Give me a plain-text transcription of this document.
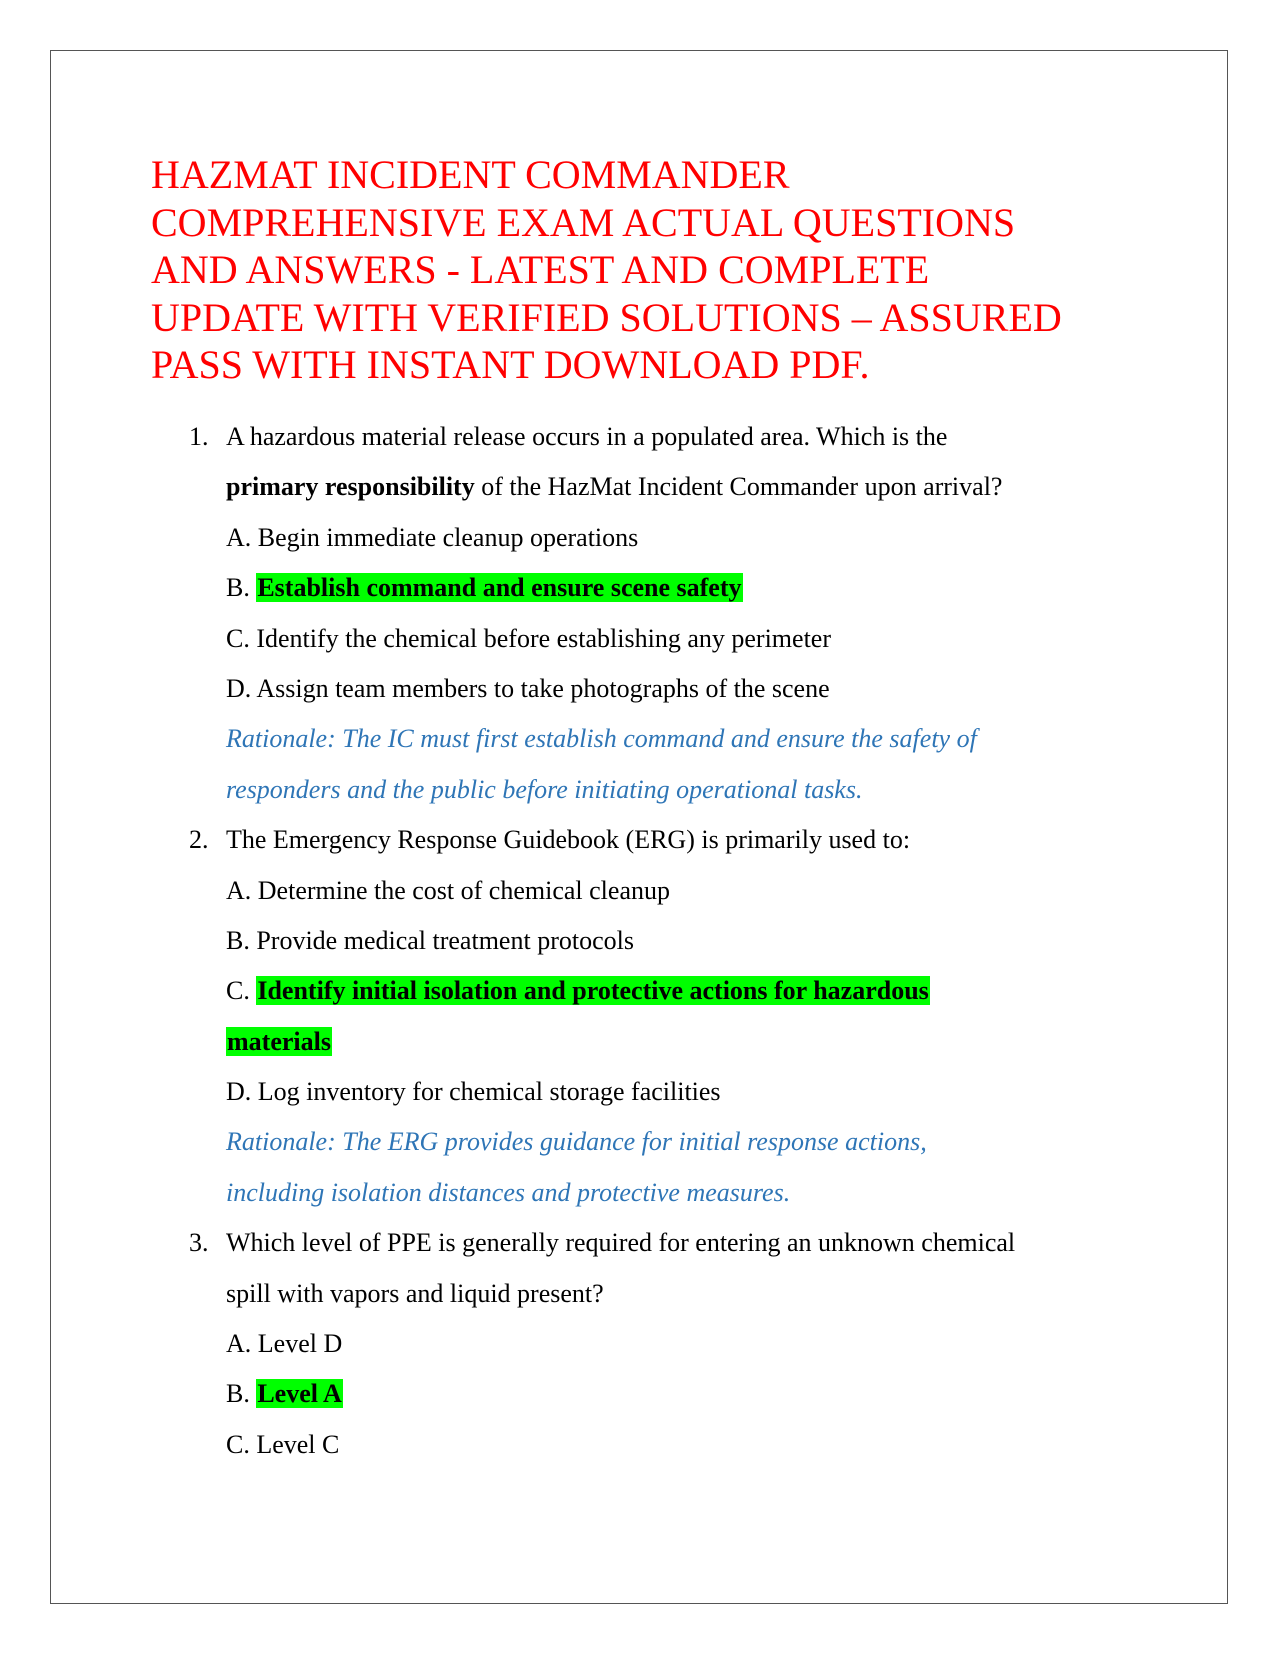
HAZMAT INCIDENT COMMANDER
COMPREHENSIVE EXAM ACTUAL QUESTIONS
AND ANSWERS - LATEST AND COMPLETE
UPDATE WITH VERIFIED SOLUTIONS – ASSURED
PASS WITH INSTANT DOWNLOAD PDF.
1. A hazardous material release occurs in a populated area. Which is the
primary responsibility of the HazMat Incident Commander upon arrival?
A. Begin immediate cleanup operations
B. Establish command and ensure scene safety
C. Identify the chemical before establishing any perimeter
D. Assign team members to take photographs of the scene
Rationale: The IC must first establish command and ensure the safety of
responders and the public before initiating operational tasks.
2. The Emergency Response Guidebook (ERG) is primarily used to:
A. Determine the cost of chemical cleanup
B. Provide medical treatment protocols
C. Identify initial isolation and protective actions for hazardous
materials
D. Log inventory for chemical storage facilities
Rationale: The ERG provides guidance for initial response actions,
including isolation distances and protective measures.
3. Which level of PPE is generally required for entering an unknown chemical
spill with vapors and liquid present?
A. Level D
B. Level A
C. Level C
